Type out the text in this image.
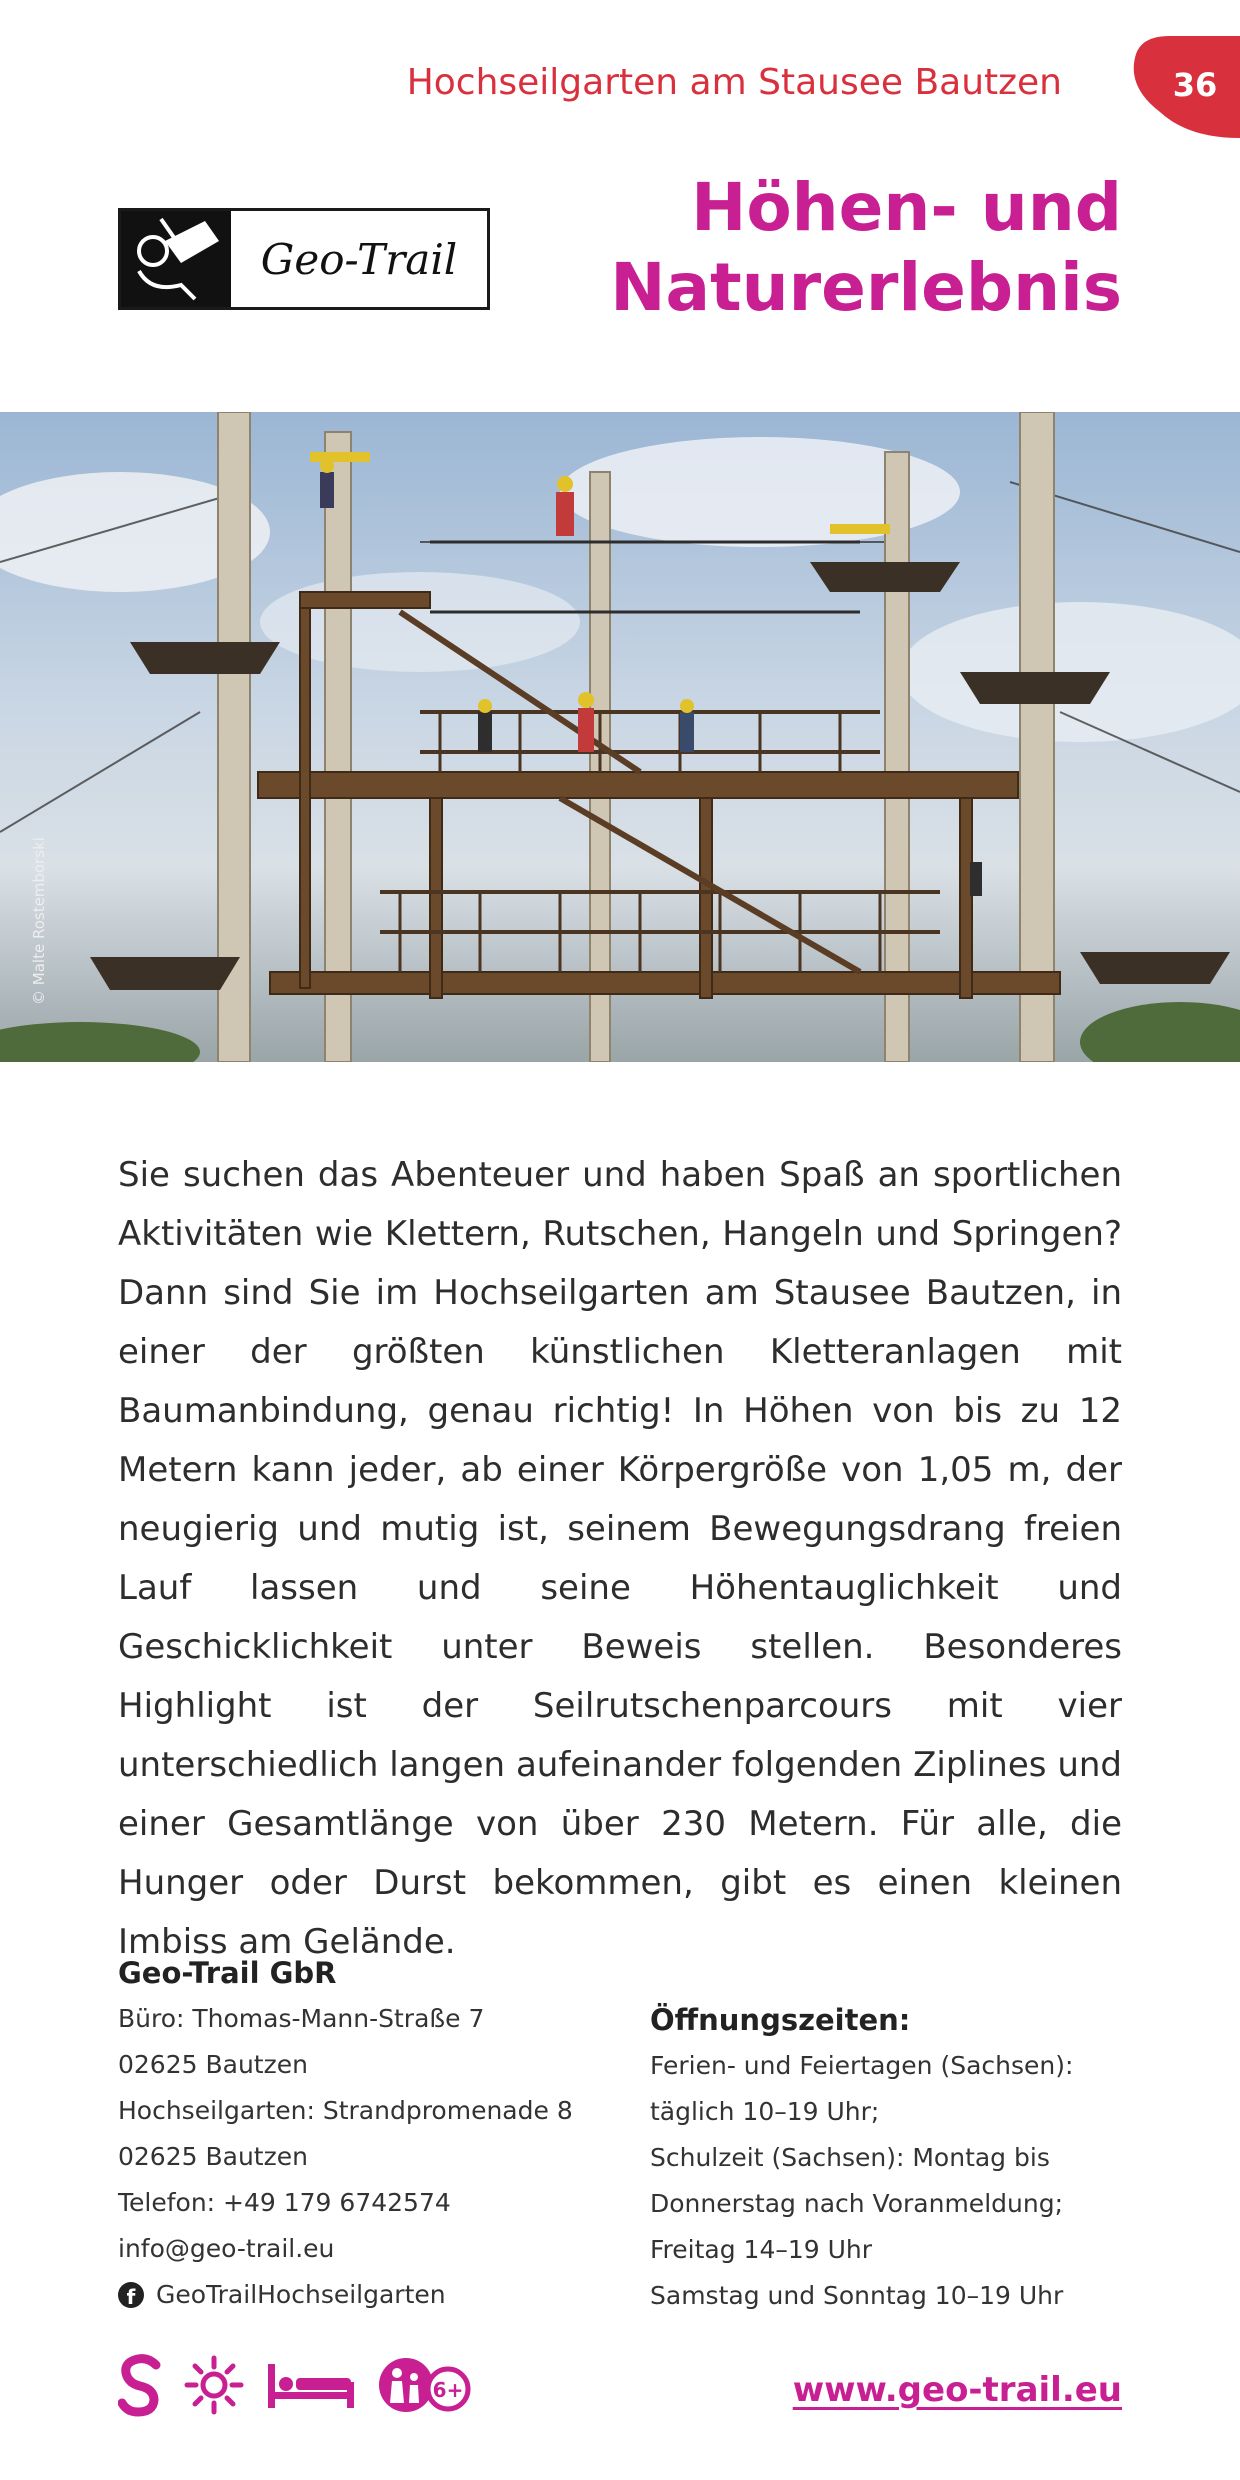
Hochseilgarten am Stausee Bautzen	36
Geo-Trail
Höhen- und
Naturerlebnis
© Malte Rostemborski

Sie suchen das Abenteuer und haben Spaß an sportlichen Aktivitäten wie Klettern, Rutschen, Hangeln und Springen? Dann sind Sie im Hochseilgarten am Stausee Bautzen, in einer der größten künstlichen Kletteranlagen mit Baumanbindung, genau richtig! In Höhen von bis zu 12 Metern kann jeder, ab einer Körpergröße von 1,05 m, der neugierig und mutig ist, seinem Bewegungsdrang freien Lauf lassen und seine Höhentauglichkeit und Geschicklichkeit unter Beweis stellen. Besonderes Highlight ist der Seilrutschenparcours mit vier unterschiedlich langen aufeinander folgenden Ziplines und einer Gesamtlänge von über 230 Metern. Für alle, die Hunger oder Durst bekommen, gibt es einen kleinen Imbiss am Gelände.

Geo-Trail GbR
Büro: Thomas-Mann-Straße 7
02625 Bautzen
Hochseilgarten: Strandpromenade 8
02625 Bautzen
Telefon: +49 179 6742574
info@geo-trail.eu
f GeoTrailHochseilgarten
Öffnungszeiten:
Ferien- und Feiertagen (Sachsen):
täglich 10–19 Uhr;
Schulzeit (Sachsen): Montag bis
Donnerstag nach Voranmeldung;
Freitag 14–19 Uhr
Samstag und Sonntag 10–19 Uhr
6+	www.geo-trail.eu
